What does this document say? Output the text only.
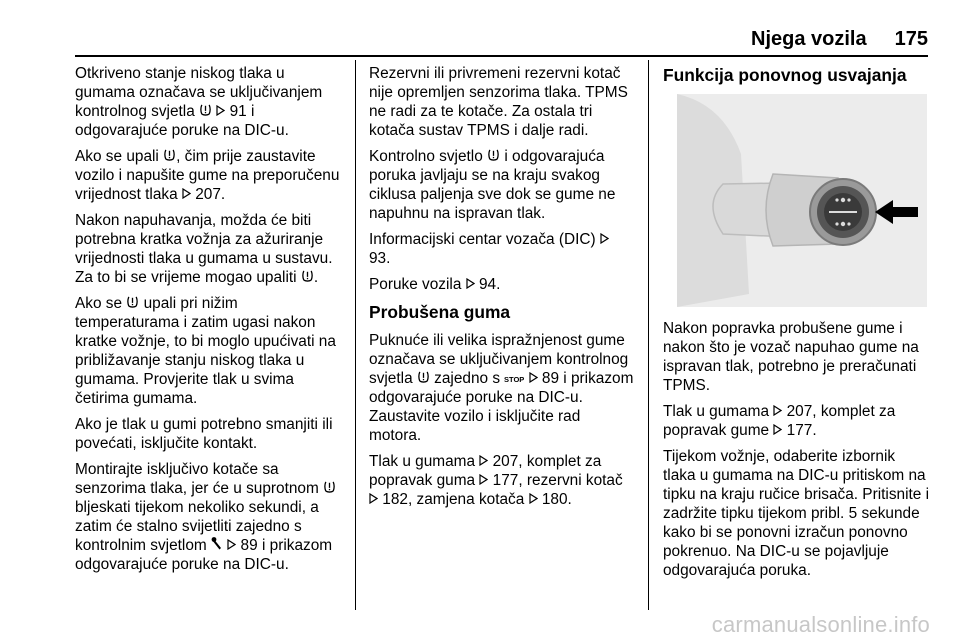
Njega vozila 175

Otkriveno stanje niskog tlaka u gumama označava se uključivanjem kontrolnog svjetla   91 i odgovarajuće poruke na DIC-u.

Ako se upali , čim prije zaustavite vozilo i napušite gume na preporučenu vrijednost tlaka  207.

Nakon napuhavanja, možda će biti potrebna kratka vožnja za ažuriranje vrijednosti tlaka u gumama u sustavu. Za to bi se vrijeme mogao upaliti .

Ako se  upali pri nižim temperaturama i zatim ugasi nakon kratke vožnje, to bi moglo upućivati na približavanje stanju niskog tlaka u gumama. Provjerite tlak u svima četirima gumama.

Ako je tlak u gumi potrebno smanjiti ili povećati, isključite kontakt.

Montirajte isključivo kotače sa senzorima tlaka, jer će u suprotnom  bljeskati tijekom nekoliko sekundi, a zatim će stalno svijetliti zajedno s kontrolnim svjetlom   89 i prikazom odgovarajuće poruke na DIC-u.

Rezervni ili privremeni rezervni kotač nije opremljen senzorima tlaka. TPMS ne radi za te kotače. Za ostala tri kotača sustav TPMS i dalje radi.

Kontrolno svjetlo  i odgovarajuća poruka javljaju se na kraju svakog ciklusa paljenja sve dok se gume ne napuhnu na ispravan tlak.

Informacijski centar vozača (DIC)  93.

Poruke vozila  94.

Probušena guma

Puknuće ili velika ispražnjenost gume označava se uključivanjem kontrolnog svjetla  zajedno s STOP 89 i prikazom odgovarajuće poruke na DIC-u. Zaustavite vozilo i isključite rad motora.

Tlak u gumama  207, komplet za popravak guma  177, rezervni kotač  182, zamjena kotača  180.

Funkcija ponovnog usvajanja

Nakon popravka probušene gume i nakon što je vozač napuhao gume na ispravan tlak, potrebno je preračunati TPMS.

Tlak u gumama  207, komplet za popravak gume  177.

Tijekom vožnje, odaberite izbornik tlaka u gumama na DIC-u pritiskom na tipku na kraju ručice brisača. Pritisnite i zadržite tipku tijekom pribl. 5 sekunde kako bi se ponovni izračun ponovno pokrenuo. Na DIC-u se pojavljuje odgovarajuća poruka.

carmanualsonline.info
